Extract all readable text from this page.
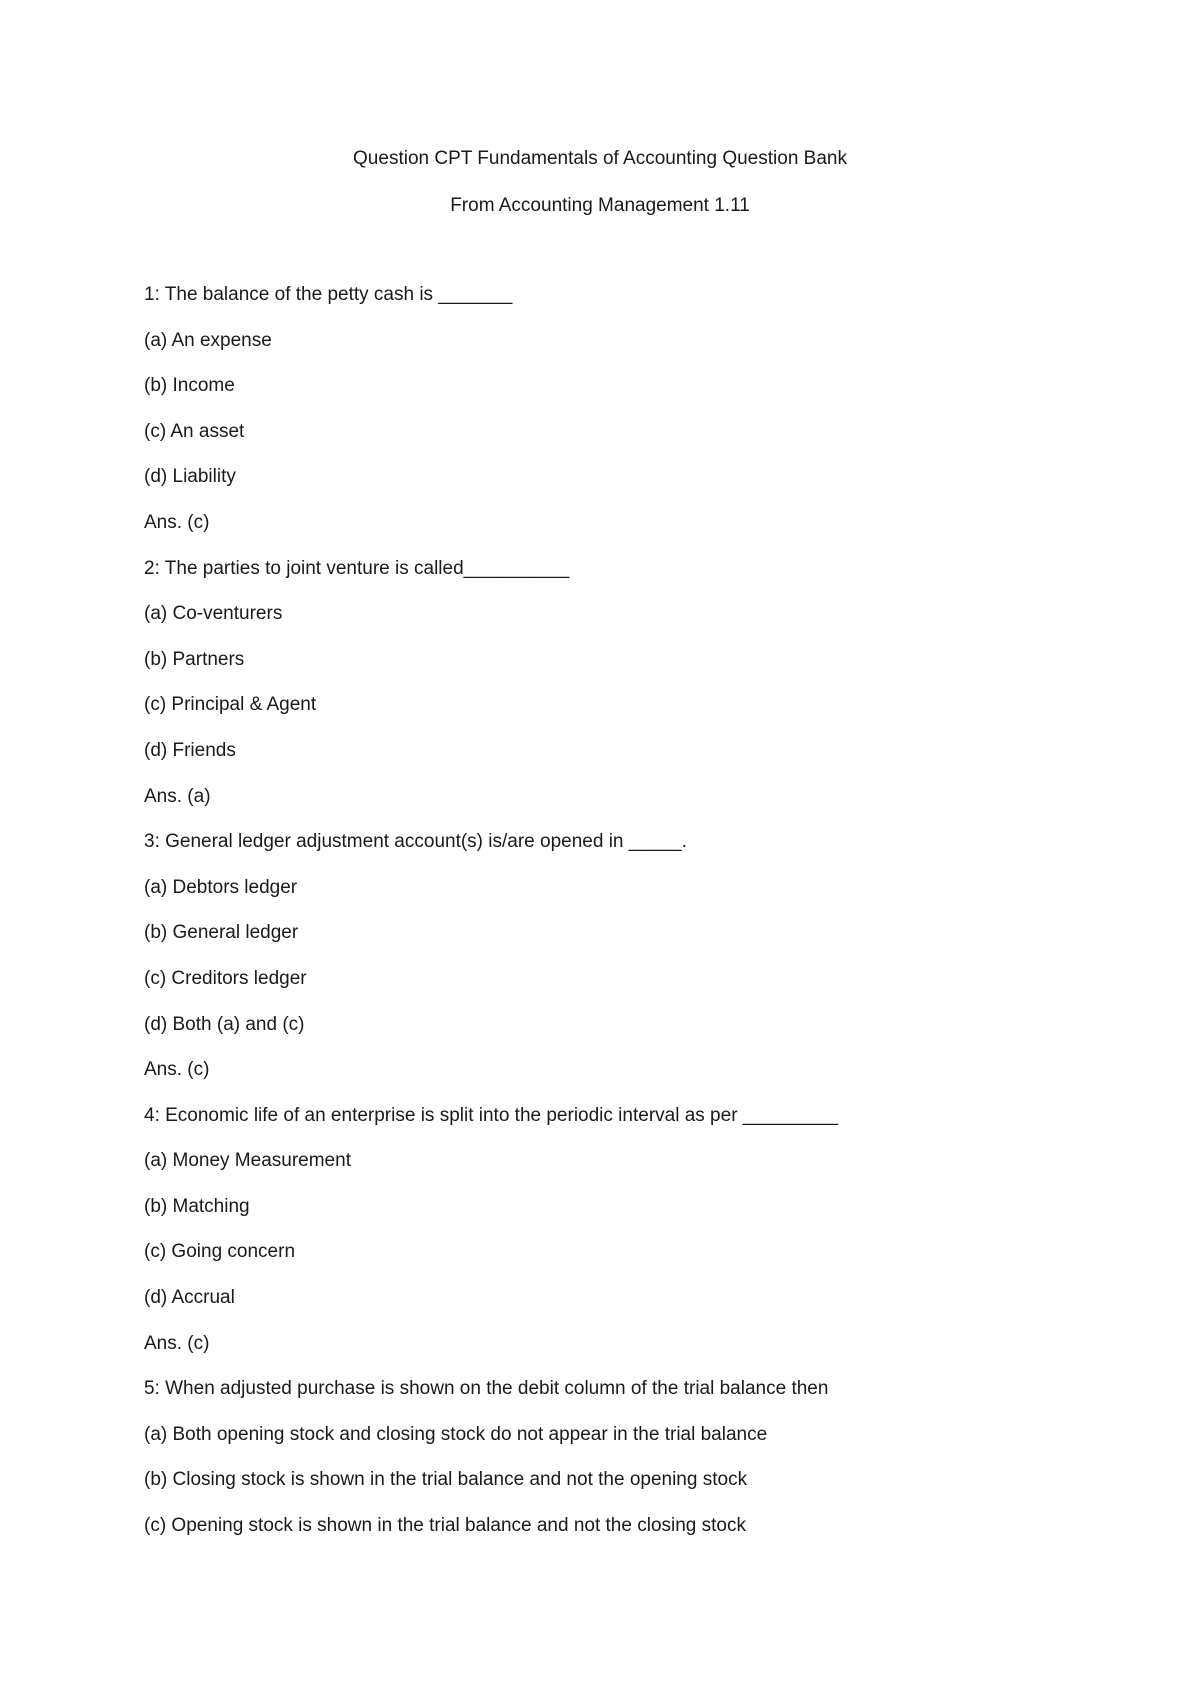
Question CPT Fundamentals of Accounting Question Bank
From Accounting Management 1.11
1: The balance of the petty cash is _______
(a) An expense
(b) Income
(c) An asset
(d) Liability
Ans. (c)
2: The parties to joint venture is called__________
(a) Co-venturers
(b) Partners
(c) Principal & Agent
(d) Friends
Ans. (a)
3: General ledger adjustment account(s) is/are opened in _____.
(a) Debtors ledger
(b) General ledger
(c) Creditors ledger
(d) Both (a) and (c)
Ans. (c)
4: Economic life of an enterprise is split into the periodic interval as per _________
(a) Money Measurement
(b) Matching
(c) Going concern
(d) Accrual
Ans. (c)
5: When adjusted purchase is shown on the debit column of the trial balance then
(a) Both opening stock and closing stock do not appear in the trial balance
(b) Closing stock is shown in the trial balance and not the opening stock
(c) Opening stock is shown in the trial balance and not the closing stock
